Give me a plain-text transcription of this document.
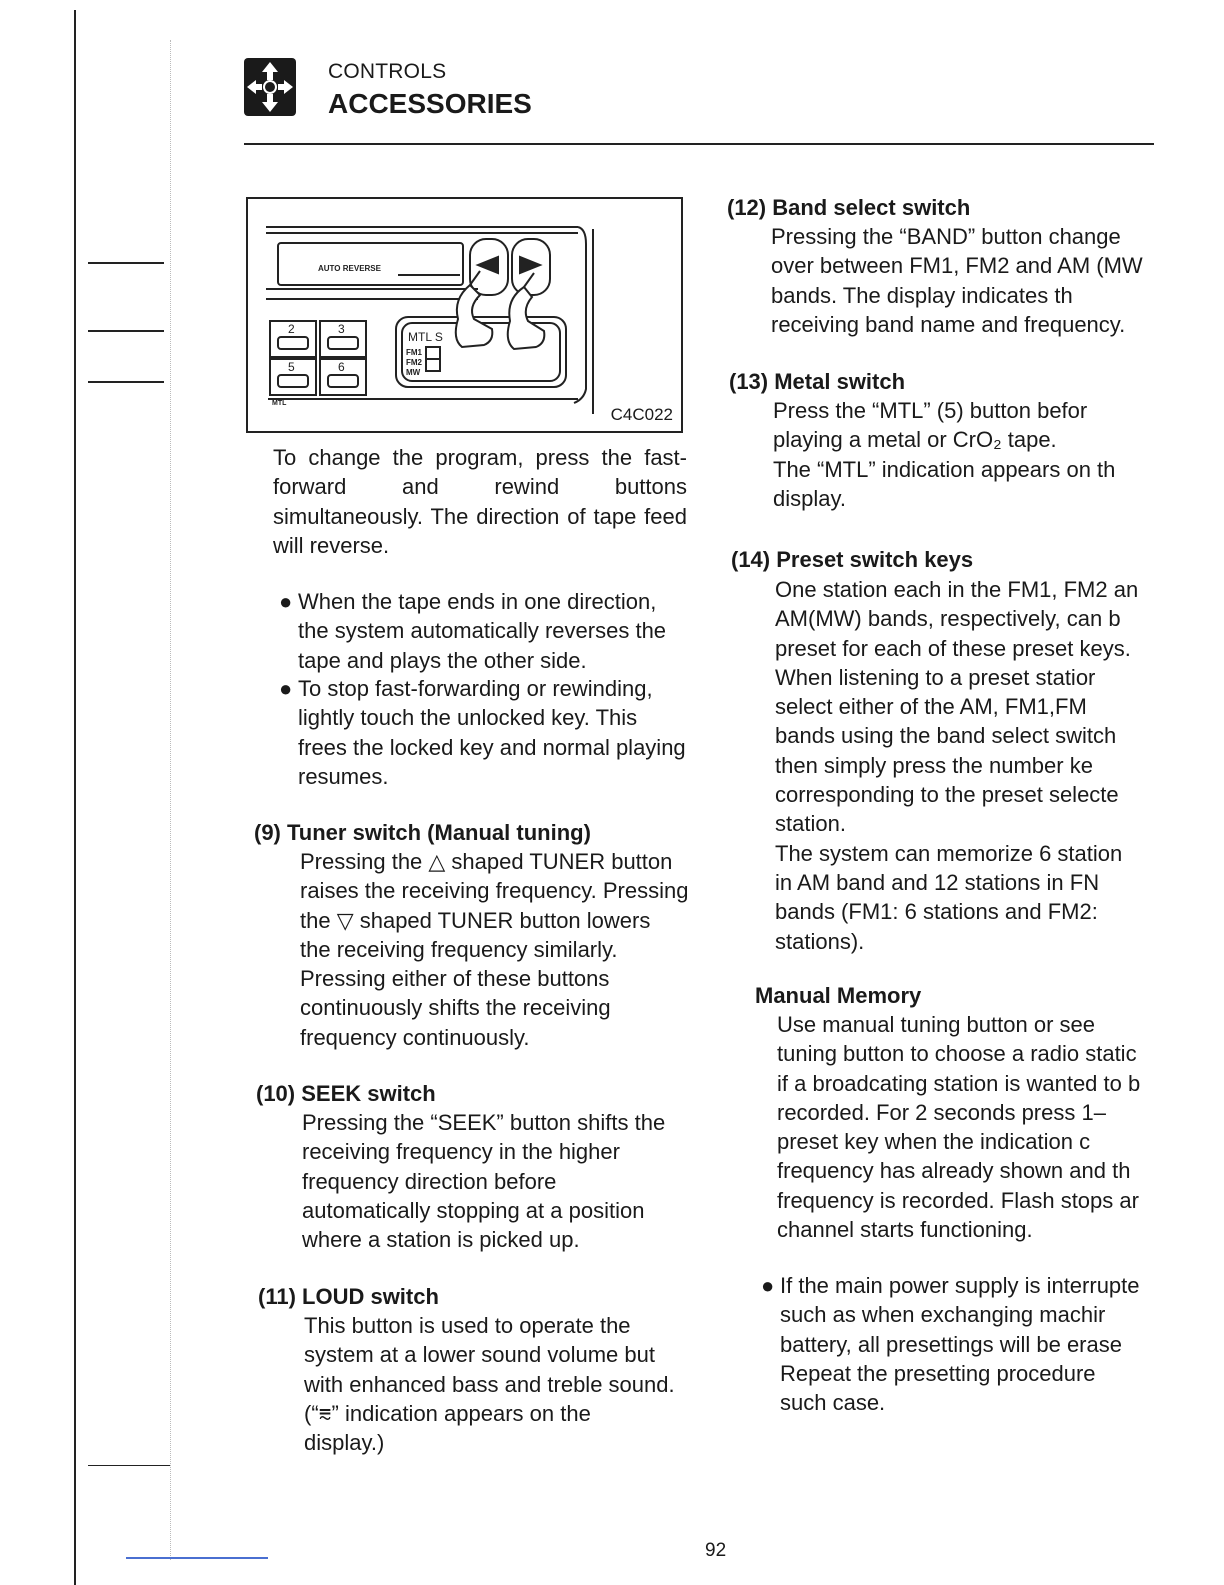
CONTROLS
ACCESSORIES
AUTO REVERSE
2	3
5	6
MTL
MTL S
FM1
FM2
MW
C4C022
To change the program, press the fast-forward and rewind buttons simultaneously. The direction of tape feed will reverse.
● When the tape ends in one direction, the system automatically reverses the tape and plays the other side.
● To stop fast-forwarding or rewinding, lightly touch the unlocked key. This frees the locked key and normal playing resumes.
(9) Tuner switch (Manual tuning)
Pressing the △ shaped TUNER button
raises the receiving frequency. Pressing
the ▽ shaped TUNER button lowers
the receiving frequency similarly.
Pressing either of these buttons
continuously shifts the receiving
frequency continuously.
(10) SEEK switch
Pressing the “SEEK” button shifts the
receiving frequency in the higher
frequency direction before
automatically stopping at a position
where a station is picked up.
(11) LOUD switch
This button is used to operate the
system at a lower sound volume but
with enhanced bass and treble sound.
(“⩳” indication appears on the
display.)
(12) Band select switch
Pressing the “BAND” button change
over between FM1, FM2 and AM (MW
bands. The display indicates th
receiving band name and frequency.
(13) Metal switch
Press the “MTL” (5) button befor
playing a metal or CrO₂ tape.
The “MTL” indication appears on th
display.
(14) Preset switch keys
One station each in the FM1, FM2 an
AM(MW) bands, respectively, can b
preset for each of these preset keys.
When listening to a preset statior
select either of the AM, FM1,FM
bands using the band select switch
then simply press the number ke
corresponding to the preset selecte
station.
The system can memorize 6 station
in AM band and 12 stations in FN
bands (FM1: 6 stations and FM2:
stations).
Manual Memory
Use manual tuning button or see
tuning button to choose a radio static
if a broadcating station is wanted to b
recorded. For 2 seconds press 1–
preset key when the indication c
frequency has already shown and th
frequency is recorded. Flash stops ar
channel starts functioning.
● If the main power supply is interrupte
such as when exchanging machir
battery, all presettings will be erase
Repeat the presetting procedure
such case.
92
